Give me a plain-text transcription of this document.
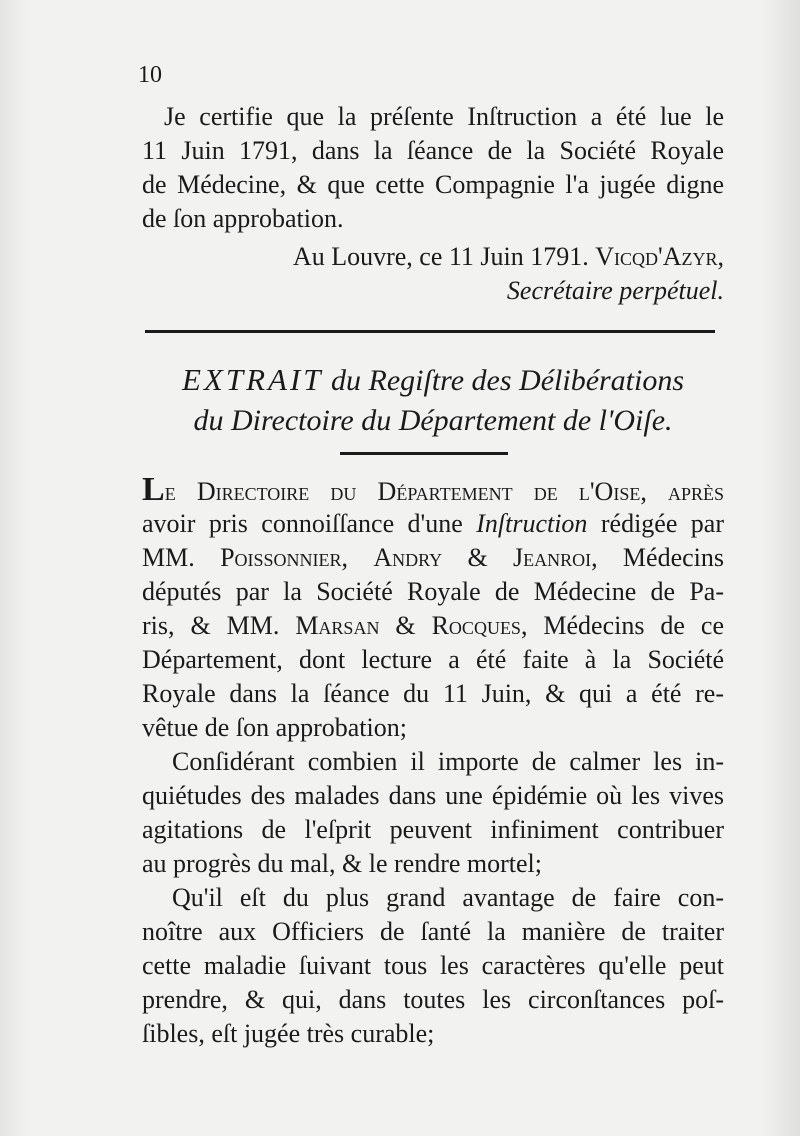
10
Je certifie que la préſente Inſtruction a été lue le
11 Juin 1791, dans la ſéance de la Société Royale
de Médecine, & que cette Compagnie l'a jugée digne
de ſon approbation.
Au Louvre, ce 11 Juin 1791. Vicqd'Azyr,
Secrétaire perpétuel.
EXTRAIT du Regiſtre des Délibérations
du Directoire du Département de l'Oiſe.
Le Directoire du Département de l'Oiſe, après
avoir pris connoiſſance d'une Inſtruction rédigée par
MM. Poissonnier, Andry & Jeanroi, Médecins
députés par la Société Royale de Médecine de Pa-
ris, & MM. Marsan & Rocques, Médecins de ce
Département, dont lecture a été faite à la Société
Royale dans la ſéance du 11 Juin, & qui a été re-
vêtue de ſon approbation;
Conſidérant combien il importe de calmer les in-
quiétudes des malades dans une épidémie où les vives
agitations de l'eſprit peuvent infiniment contribuer
au progrès du mal, & le rendre mortel;
Qu'il eſt du plus grand avantage de faire con-
noître aux Officiers de ſanté la manière de traiter
cette maladie ſuivant tous les caractères qu'elle peut
prendre, & qui, dans toutes les circonſtances poſ-
ſibles, eſt jugée très curable;
